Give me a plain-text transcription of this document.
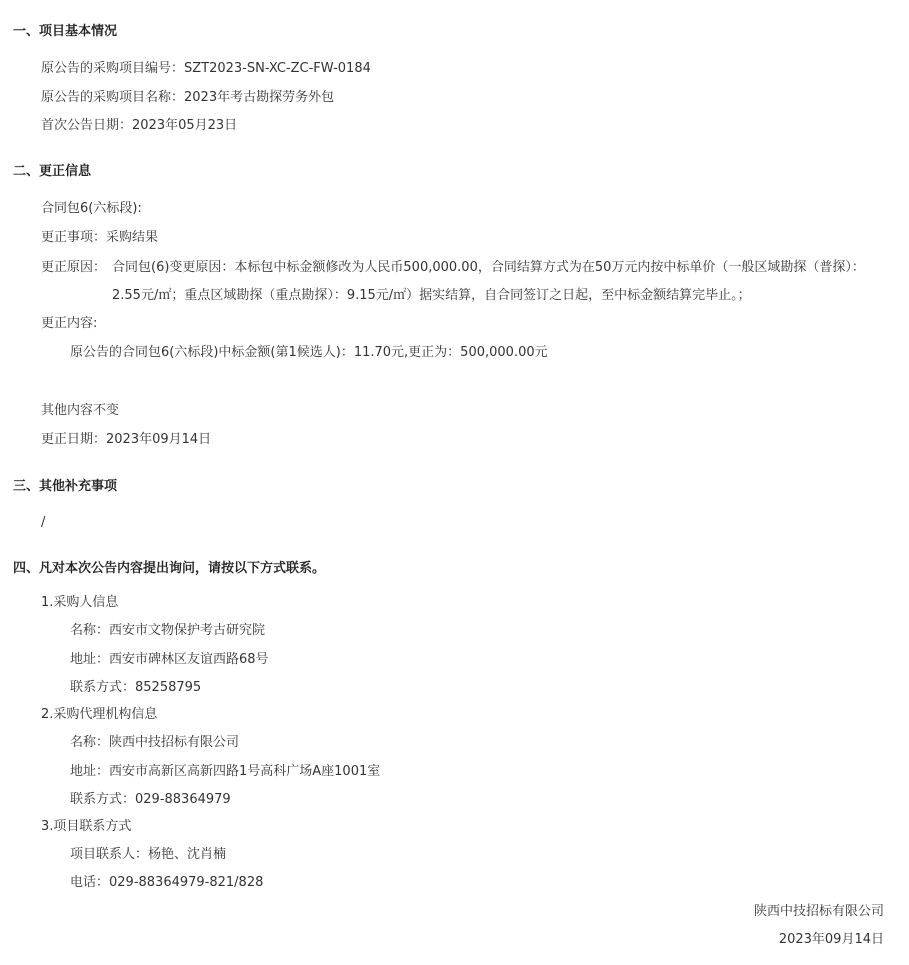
一、项目基本情况
原公告的采购项目编号：SZT2023-SN-XC-ZC-FW-0184
原公告的采购项目名称：2023年考古勘探劳务外包
首次公告日期：2023年05月23日
二、更正信息
合同包6(六标段):
更正事项：采购结果
更正原因： 合同包(6)变更原因：本标包中标金额修改为人民币500,000.00，合同结算方式为在50万元内按中标单价（一般区域勘探（普探）：2.55元/㎡；重点区域勘探（重点勘探）：9.15元/㎡）据实结算，自合同签订之日起，至中标金额结算完毕止。；
更正内容:
原公告的合同包6(六标段)中标金额(第1候选人)：11.70元,更正为：500,000.00元
其他内容不变
更正日期：2023年09月14日
三、其他补充事项
/
四、凡对本次公告内容提出询问，请按以下方式联系。
1.采购人信息
名称：西安市文物保护考古研究院
地址：西安市碑林区友谊西路68号
联系方式：85258795
2.采购代理机构信息
名称：陕西中技招标有限公司
地址：西安市高新区高新四路1号高科广场A座1001室
联系方式：029-88364979
3.项目联系方式
项目联系人：杨艳、沈肖楠
电话：029-88364979-821/828
陕西中技招标有限公司
2023年09月14日
